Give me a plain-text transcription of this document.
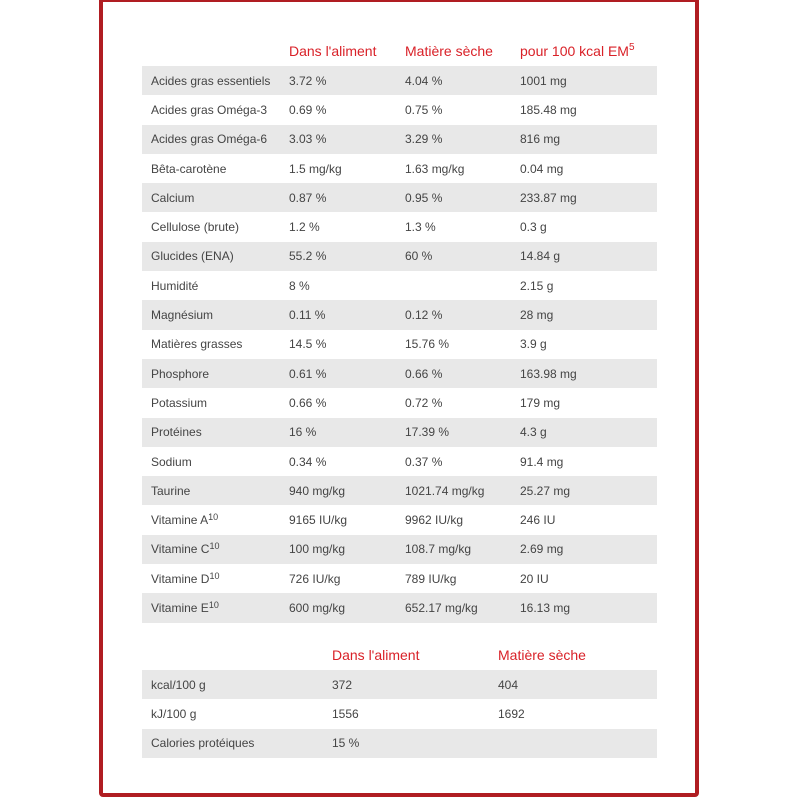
	Dans l'aliment	Matière sèche	pour 100 kcal $EM^5$
Acides gras essentiels	3.72 %	4.04 %	1001 mg
Acides gras Oméga-3	0.69 %	0.75 %	185.48 mg
Acides gras Oméga-6	3.03 %	3.29 %	816 mg
Bêta-carotène	1.5 mg/kg	1.63 mg/kg	0.04 mg
Calcium	0.87 %	0.95 %	233.87 mg
Cellulose (brute)	1.2 %	1.3 %	0.3 g
Glucides (ENA)	55.2 %	60 %	14.84 g
Humidité	8 %		2.15 g
Magnésium	0.11 %	0.12 %	28 mg
Matières grasses	14.5 %	15.76 %	3.9 g
Phosphore	0.61 %	0.66 %	163.98 mg
Potassium	0.66 %	0.72 %	179 mg
Protéines	16 %	17.39 %	4.3 g
Sodium	0.34 %	0.37 %	91.4 mg
Taurine	940 mg/kg	1021.74 mg/kg	25.27 mg
Vitamine $A^{10}$	9165 IU/kg	9962 IU/kg	246 IU
Vitamine $C^{10}$	100 mg/kg	108.7 mg/kg	2.69 mg
Vitamine $D^{10}$	726 IU/kg	789 IU/kg	20 IU
Vitamine $E^{10}$	600 mg/kg	652.17 mg/kg	16.13 mg
	Dans l'aliment	Matière sèche
kcal/100 g	372	404
kJ/100 g	1556	1692
Calories protéiques	15 %	
